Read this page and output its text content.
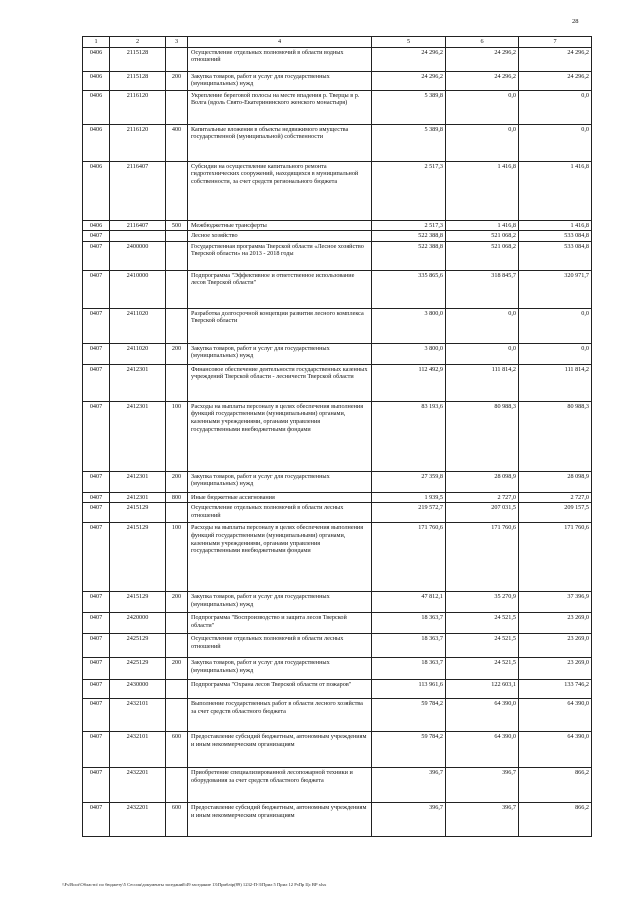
28
1	2	3	4	5	6	7
0406	2115128		Осуществление отдельных полномочий в области водных отношений	24 296,2	24 296,2	24 296,2
0406	2115128	200	Закупка товаров, работ и услуг для государственных (муниципальных) нужд	24 296,2	24 296,2	24 296,2
0406	2116120		Укрепление береговой полосы на месте впадения р. Тверцы в р. Волга (вдоль Свято-Екатерининского женского монастыря)	5 389,8	0,0	0,0
0406	2116120	400	Капитальные вложения в объекты недвижимого имущества государственной (муниципальной) собственности	5 389,8	0,0	0,0
0406	2116407		Субсидии на осуществление капитального ремонта гидротехнических сооружений, находящихся в муниципальной собственности, за счет средств регионального бюджета	2 517,3	1 416,8	1 416,8
0406	2116407	500	Межбюджетные трансферты	2 517,3	1 416,8	1 416,8
0407			Лесное хозяйство	522 388,8	521 068,2	533 084,8
0407	2400000		Государственная программа Тверской области «Лесное хозяйство Тверской области» на 2013 - 2018 годы	522 388,8	521 068,2	533 084,8
0407	2410000		Подпрограмма "Эффективное и ответственное использование лесов Тверской области"	335 865,6	318 845,7	320 971,7
0407	2411020		Разработка долгосрочной концепции развития лесного комплекса Тверской области	3 800,0	0,0	0,0
0407	2411020	200	Закупка товаров, работ и услуг для государственных (муниципальных) нужд	3 800,0	0,0	0,0
0407	2412301		Финансовое обеспечение деятельности государственных казенных учреждений Тверской области - лесничеств Тверской области	112 492,9	111 814,2	111 814,2
0407	2412301	100	Расходы на выплаты персоналу в целях обеспечения выполнения функций государственными (муниципальными) органами, казенными учреждениями, органами управления государственными внебюджетными фондами	83 193,6	80 988,3	80 988,3
0407	2412301	200	Закупка товаров, работ и услуг для государственных (муниципальных) нужд	27 359,8	28 098,9	28 098,9
0407	2412301	800	Иные бюджетные ассигнования	1 939,5	2 727,0	2 727,0
0407	2415129		Осуществление отдельных полномочий в области лесных отношений	219 572,7	207 031,5	209 157,5
0407	2415129	100	Расходы на выплаты персоналу в целях обеспечения выполнения функций государственными (муниципальными) органами, казенными учреждениями, органами управления государственными внебюджетными фондами	171 760,6	171 760,6	171 760,6
0407	2415129	200	Закупка товаров, работ и услуг для государственных (муниципальных) нужд	47 812,1	35 270,9	37 396,9
0407	2420000		Подпрограмма "Воспроизводство и защита лесов Тверской области"	18 363,7	24 521,5	23 269,0
0407	2425129		Осуществление отдельных полномочий в области лесных отношений	18 363,7	24 521,5	23 269,0
0407	2425129	200	Закупка товаров, работ и услуг для государственных (муниципальных) нужд	18 363,7	24 521,5	23 269,0
0407	2430000		Подпрограмма "Охрана лесов Тверской области от пожаров"	113 961,6	122 603,1	133 746,2
0407	2432101		Выполнение государственных работ в области лесного хозяйства за счет средств областного бюджета	59 784,2	64 390,0	64 390,0
0407	2432101	600	Предоставление субсидий бюджетным, автономным учреждениям и иным некоммерческим организациям	59 784,2	64 390,0	64 390,0
0407	2432201		Приобретение специализированной лесопожарной техники и оборудования за счет средств областного бюджета	396,7	396,7	866,2
0407	2432201	600	Предоставление субсидий бюджетным, автономным учреждениям и иным некоммерческим организациям	396,7	396,7	866,2
\\Fs\Boot\Области\ по бюджету\5 Сессия\документы заседаний\49 заседание 13\Приблiр(89) 1232-П-3\Прил 5 Прил 12 РзПр Цс ВР xlsx
